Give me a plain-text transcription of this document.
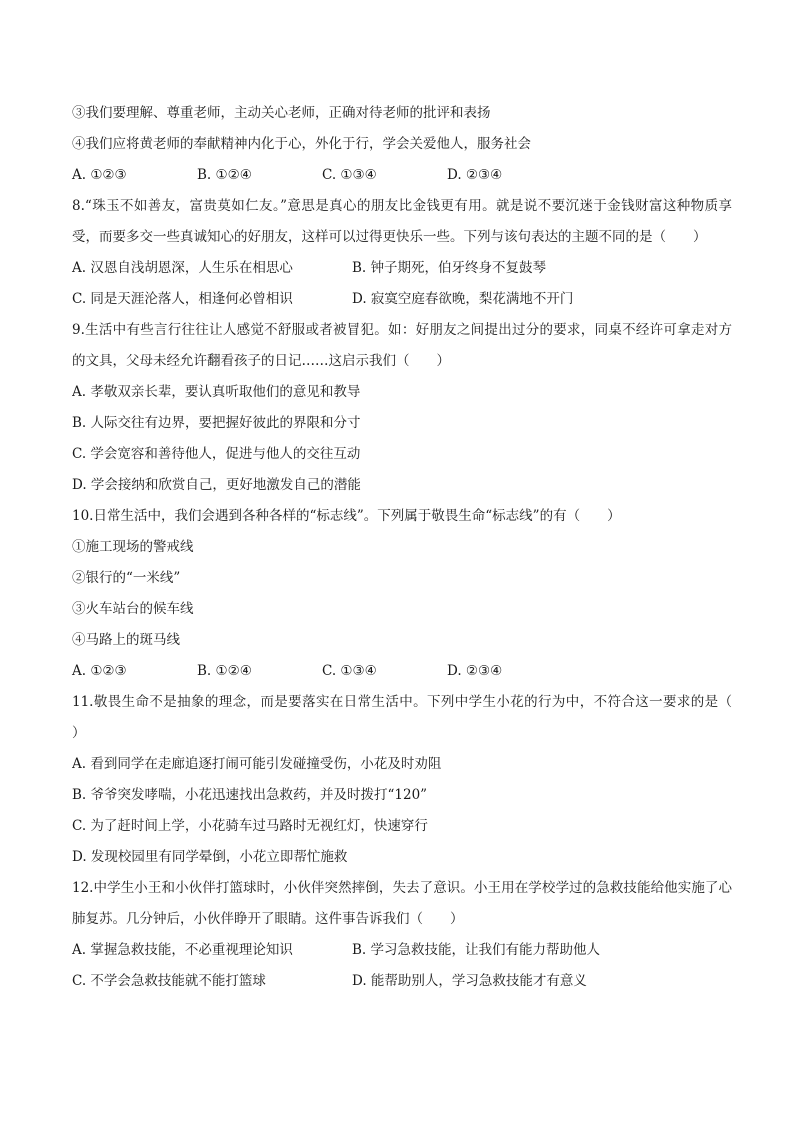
③我们要理解、尊重老师，主动关心老师，正确对待老师的批评和表扬
④我们应将黄老师的奉献精神内化于心，外化于行，学会关爱他人，服务社会
A. ①②③	B. ①②④	C. ①③④	D. ②③④
8.“珠玉不如善友，富贵莫如仁友。”意思是真心的朋友比金钱更有用。就是说不要沉迷于金钱财富这种物质享受，而要多交一些真诚知心的好朋友，这样可以过得更快乐一些。下列与该句表达的主题不同的是（　　）
A. 汉恩自浅胡恩深，人生乐在相思心	B. 钟子期死，伯牙终身不复鼓琴
C. 同是天涯沦落人，相逢何必曾相识	D. 寂寞空庭春欲晚，梨花满地不开门
9.生活中有些言行往往让人感觉不舒服或者被冒犯。如：好朋友之间提出过分的要求，同桌不经许可拿走对方的文具，父母未经允许翻看孩子的日记……这启示我们（　　）
A. 孝敬双亲长辈，要认真听取他们的意见和教导
B. 人际交往有边界，要把握好彼此的界限和分寸
C. 学会宽容和善待他人，促进与他人的交往互动
D. 学会接纳和欣赏自己，更好地激发自己的潜能
10.日常生活中，我们会遇到各种各样的“标志线”。下列属于敬畏生命“标志线”的有（　　）
①施工现场的警戒线
②银行的“一米线”
③火车站台的候车线
④马路上的斑马线
A. ①②③	B. ①②④	C. ①③④	D. ②③④
11.敬畏生命不是抽象的理念，而是要落实在日常生活中。下列中学生小花的行为中，不符合这一要求的是（　　）
A. 看到同学在走廊追逐打闹可能引发碰撞受伤，小花及时劝阻
B. 爷爷突发哮喘，小花迅速找出急救药，并及时拨打“120”
C. 为了赶时间上学，小花骑车过马路时无视红灯，快速穿行
D. 发现校园里有同学晕倒，小花立即帮忙施救
12.中学生小王和小伙伴打篮球时，小伙伴突然摔倒，失去了意识。小王用在学校学过的急救技能给他实施了心肺复苏。几分钟后，小伙伴睁开了眼睛。这件事告诉我们（　　）
A. 掌握急救技能，不必重视理论知识	B. 学习急救技能，让我们有能力帮助他人
C. 不学会急救技能就不能打篮球	D. 能帮助别人，学习急救技能才有意义
